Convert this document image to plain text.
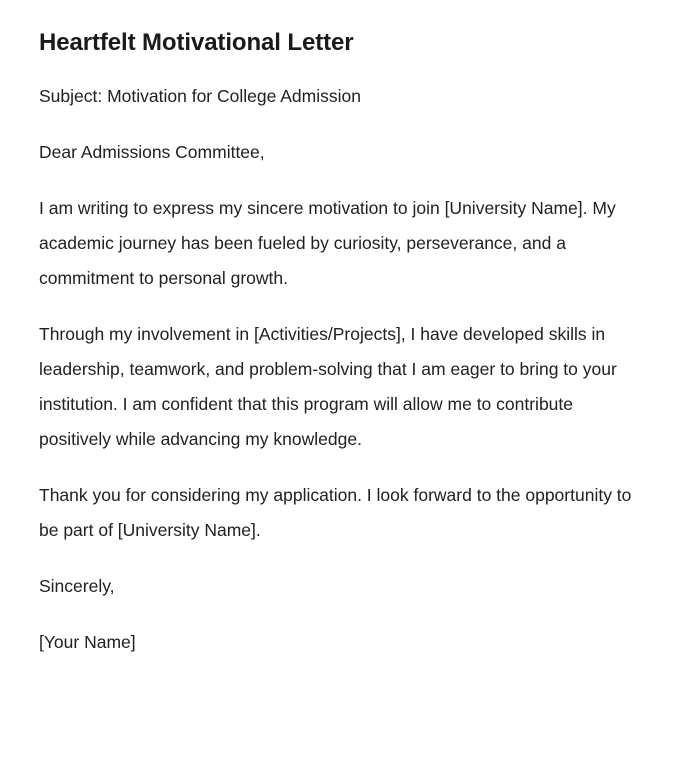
Heartfelt Motivational Letter

Subject: Motivation for College Admission

Dear Admissions Committee,

I am writing to express my sincere motivation to join [University Name]. My academic journey has been fueled by curiosity, perseverance, and a commitment to personal growth.

Through my involvement in [Activities/Projects], I have developed skills in leadership, teamwork, and problem-solving that I am eager to bring to your institution. I am confident that this program will allow me to contribute positively while advancing my knowledge.

Thank you for considering my application. I look forward to the opportunity to be part of [University Name].

Sincerely,

[Your Name]
